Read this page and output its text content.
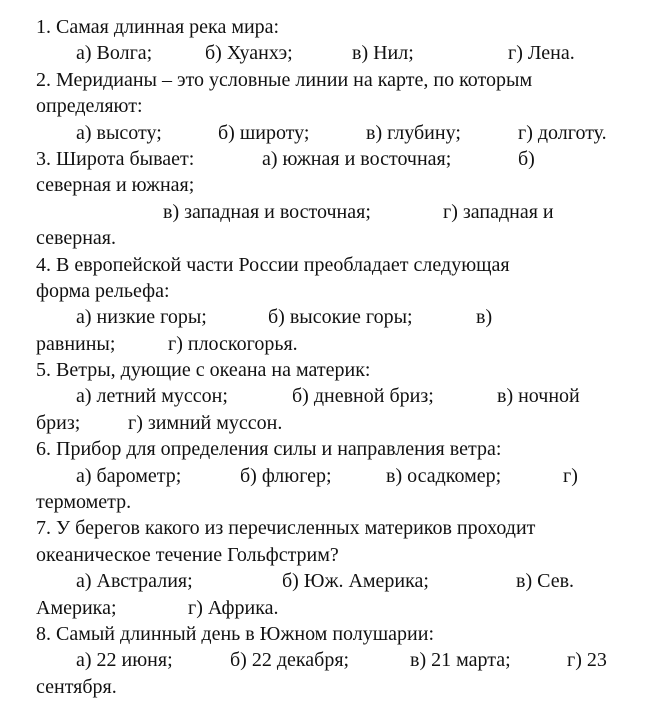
1. Самая длинная река мира:
а) Волга;	б) Хуанхэ;	в) Нил;	г) Лена.
2. Меридианы – это условные линии на карте, по которым
определяют:
а) высоту;	б) широту;	в) глубину;	г) долготу.
3. Широта бывает:	а) южная и восточная;	б)
северная и южная;
в) западная и восточная;	г) западная и
северная.
4. В европейской части России преобладает следующая
форма рельефа:
а) низкие горы;	б) высокие горы;	в)
равнины;	г) плоскогорья.
5. Ветры, дующие с океана на материк:
а) летний муссон;	б) дневной бриз;	в) ночной
бриз; г) зимний муссон.
6. Прибор для определения силы и направления ветра:
а) барометр;	б) флюгер;	в) осадкомер;	г)
термометр.
7. У берегов какого из перечисленных материков проходит
океаническое течение Гольфстрим?
а) Австралия;	б) Юж. Америка;	в) Сев.
Америка;	г) Африка.
8. Самый длинный день в Южном полушарии:
а) 22 июня;	б) 22 декабря;	в) 21 марта;	г) 23
сентября.
